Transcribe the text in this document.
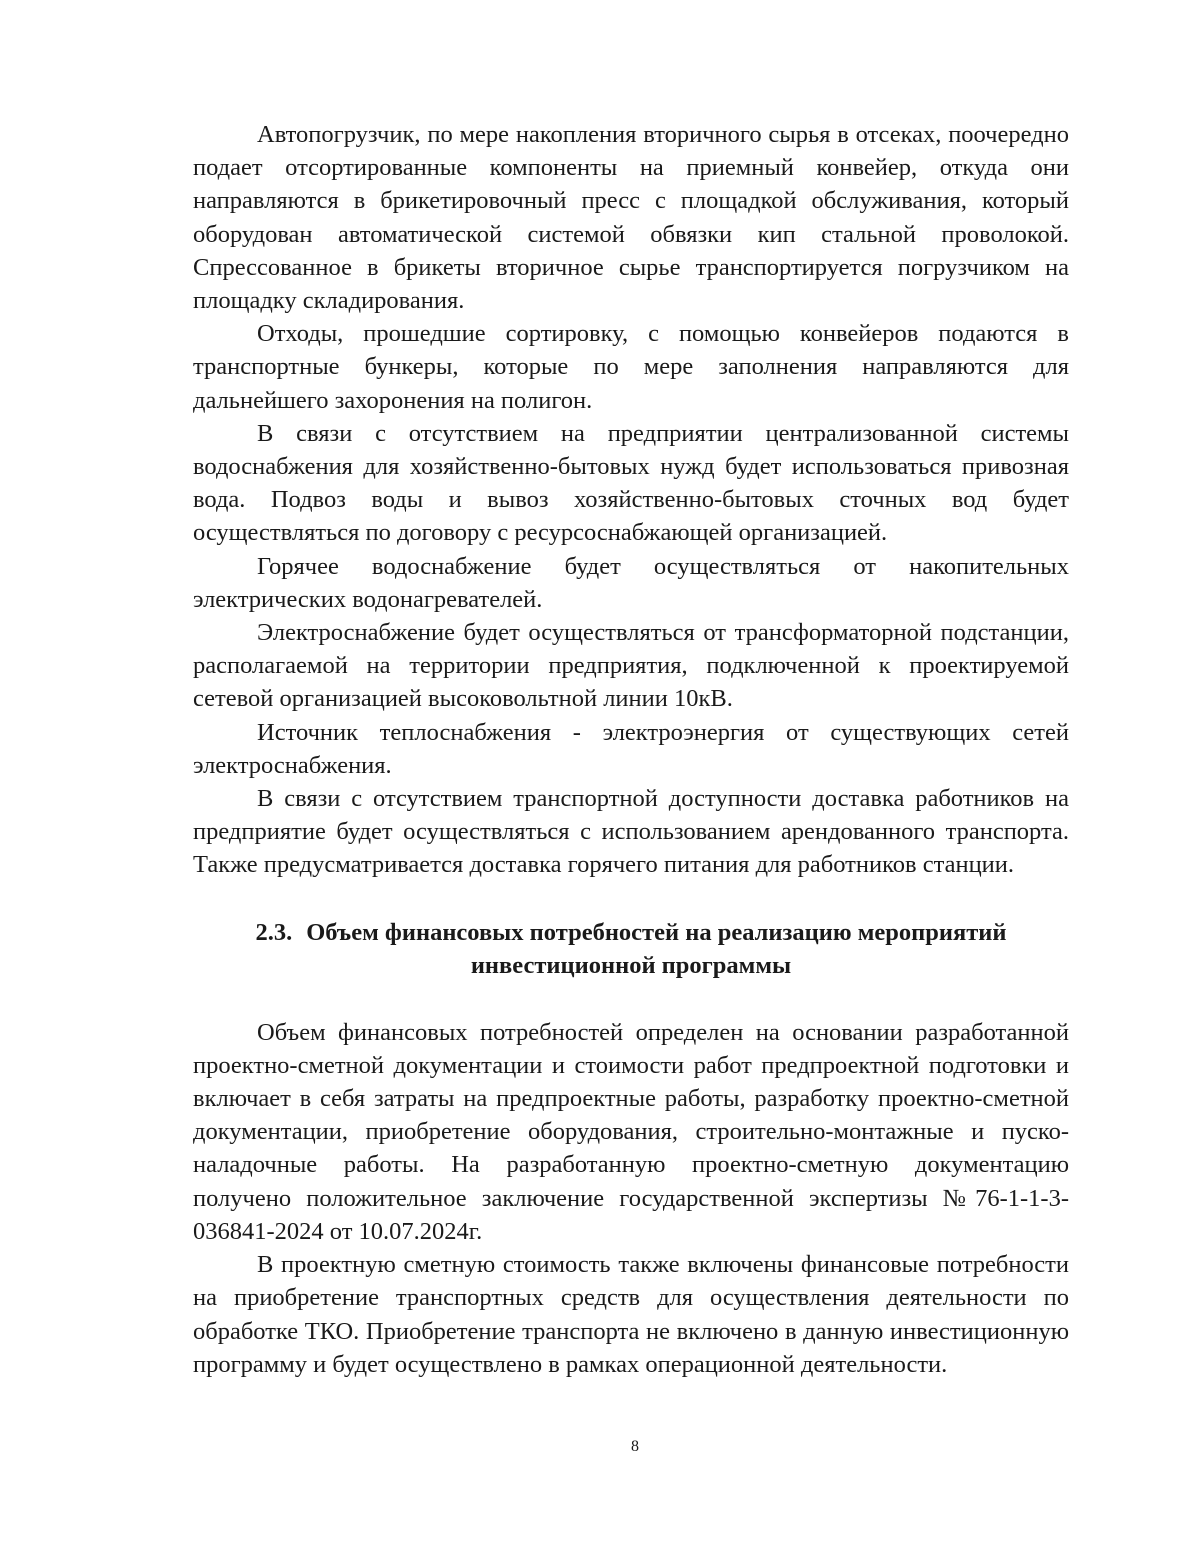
Автопогрузчик, по мере накопления вторичного сырья в отсеках, поочередно подает отсортированные компоненты на приемный конвейер, откуда они направляются в брикетировочный пресс с площадкой обслуживания, который оборудован автоматической системой обвязки кип стальной проволокой. Спрессованное в брикеты вторичное сырье транспортируется погрузчиком на площадку складирования.

Отходы, прошедшие сортировку, с помощью конвейеров подаются в транспортные бункеры, которые по мере заполнения направляются для дальнейшего захоронения на полигон.

В связи с отсутствием на предприятии централизованной системы водоснабжения для хозяйственно-бытовых нужд будет использоваться привозная вода. Подвоз воды и вывоз хозяйственно-бытовых сточных вод будет осуществляться по договору с ресурсоснабжающей организацией.

Горячее водоснабжение будет осуществляться от накопительных электрических водонагревателей.

Электроснабжение будет осуществляться от трансформаторной подстанции, располагаемой на территории предприятия, подключенной к проектируемой сетевой организацией высоковольтной линии 10кВ.

Источник теплоснабжения - электроэнергия от существующих сетей электроснабжения.

В связи с отсутствием транспортной доступности доставка работников на предприятие будет осуществляться с использованием арендованного транспорта. Также предусматривается доставка горячего питания для работников станции.

2.3. Объем финансовых потребностей на реализацию мероприятий
инвестиционной программы

Объем финансовых потребностей определен на основании разработанной проектно-сметной документации и стоимости работ предпроектной подготовки и включает в себя затраты на предпроектные работы, разработку проектно-сметной документации, приобретение оборудования, строительно-монтажные и пуско-наладочные работы. На разработанную проектно-сметную документацию получено положительное заключение государственной экспертизы №76-1-1-3-036841-2024 от 10.07.2024г.

В проектную сметную стоимость также включены финансовые потребности на приобретение транспортных средств для осуществления деятельности по обработке ТКО. Приобретение транспорта не включено в данную инвестиционную программу и будет осуществлено в рамках операционной деятельности.

8
